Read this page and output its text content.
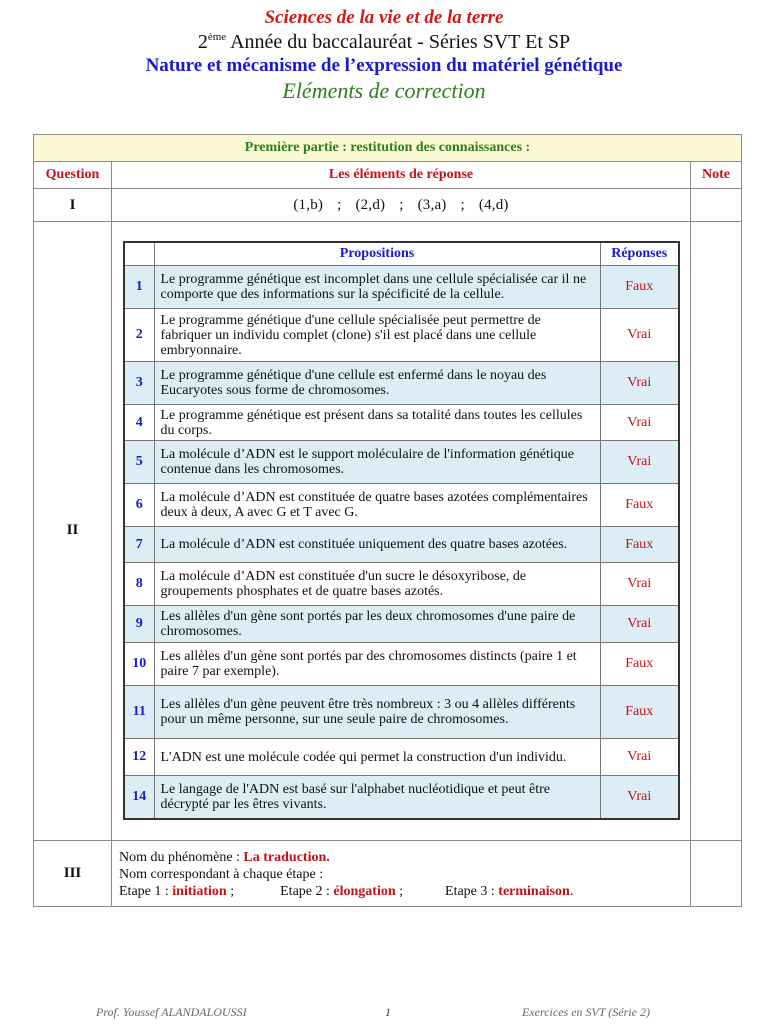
Sciences de la vie et de la terre
2ème Année du baccalauréat - Séries SVT Et SP
Nature et mécanisme de l’expression du matériel génétique
Eléments de correction
Première partie : restitution des connaissances :
Question	Les éléments de réponse	Note
I	(1,b) ; (2,d) ; (3,a) ; (4,d)	
II	
	Propositions	Réponses
1	Le programme génétique est incomplet dans une cellule spécialisée car il ne comporte que des informations sur la spécificité de la cellule.	Faux
2	Le programme génétique d'une cellule spécialisée peut permettre de fabriquer un individu complet (clone) s'il est placé dans une cellule embryonnaire.	Vrai
3	Le programme génétique d'une cellule est enfermé dans le noyau des Eucaryotes sous forme de chromosomes.	Vrai
4	Le programme génétique est présent dans sa totalité dans toutes les cellules du corps.	Vrai
5	La molécule d’ADN est le support moléculaire de l'information génétique contenue dans les chromosomes.	Vrai
6	La molécule d’ADN est constituée de quatre bases azotées complémentaires deux à deux, A avec G et T avec G.	Faux
7	La molécule d’ADN est constituée uniquement des quatre bases azotées.	Faux
8	La molécule d’ADN est constituée d'un sucre le désoxyribose, de groupements phosphates et de quatre bases azotés.	Vrai
9	Les allèles d'un gène sont portés par les deux chromosomes d'une paire de chromosomes.	Vrai
10	Les allèles d'un gène sont portés par des chromosomes distincts (paire 1 et paire 7 par exemple).	Faux
11	Les allèles d'un gène peuvent être très nombreux : 3 ou 4 allèles différents pour un même personne, sur une seule paire de chromosomes.	Faux
12	L'ADN est une molécule codée qui permet la construction d'un individu.	Vrai
14	Le langage de l'ADN est basé sur l'alphabet nucléotidique et peut être décrypté par les êtres vivants.	Vrai

III	
Nom du phénomène : La traduction.
Nom correspondant à chaque étape :
Etape 1 : initiation ;	Etape 2 : élongation ;	Etape 3 : terminaison.

Prof. Youssef ALANDALOUSSI	1	Exercices en SVT (Série 2)
